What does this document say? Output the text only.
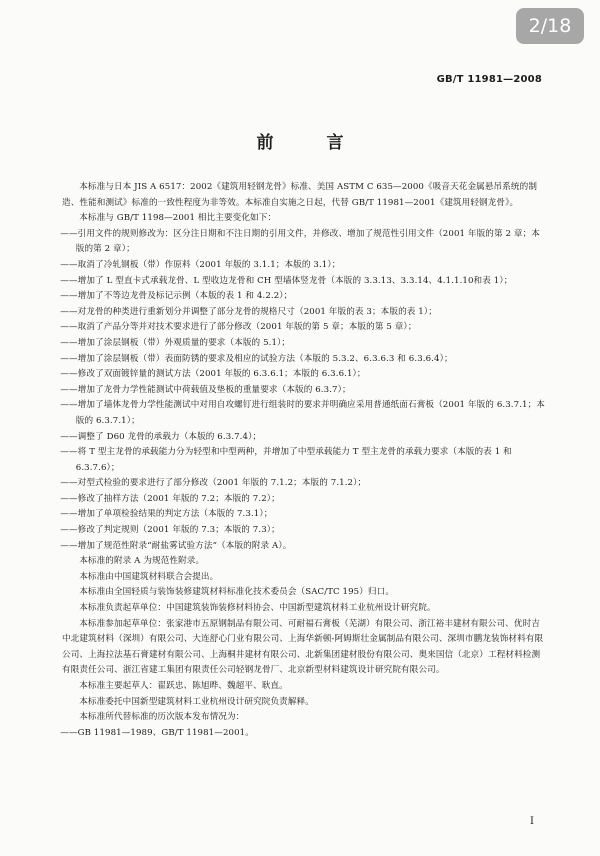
2/18
GB/T 11981—2008
前　言

本标准与日本 JIS A 6517：2002《建筑用轻钢龙骨》标准、美国 ASTM C 635—2000《吸音天花金属悬吊系统的制造、性能和测试》标准的一致性程度为非等效。本标准自实施之日起，代替 GB/T 11981—2001《建筑用轻钢龙骨》。

本标准与 GB/T 1198—2001 相比主要变化如下：

——引用文件的规则修改为：区分注日期和不注日期的引用文件，并修改、增加了规范性引用文件（2001 年版的第 2 章；本版的第 2 章）；

——取消了冷轧钢板（带）作原料（2001 年版的 3.1.1；本版的 3.1）；

——增加了 L 型直卡式承载龙骨、L 型收边龙骨和 CH 型墙体竖龙骨（本版的 3.3.13、3.3.14、4.1.1.10和表 1）；

——增加了不等边龙骨及标记示例（本版的表 1 和 4.2.2）；

——对龙骨的种类进行重新划分并调整了部分龙骨的规格尺寸（2001 年版的表 3；本版的表 1）；

——取消了产品分等并对技术要求进行了部分修改（2001 年版的第 5 章；本版的第 5 章）；

——增加了涂层钢板（带）外观质量的要求（本版的 5.1）；

——增加了涂层钢板（带）表面防锈的要求及相应的试验方法（本版的 5.3.2、6.3.6.3 和 6.3.6.4）；

——修改了双面镀锌量的测试方法（2001 年版的 6.3.6.1；本版的 6.3.6.1）；

——增加了龙骨力学性能测试中荷载值及垫板的重量要求（本版的 6.3.7）；

——增加了墙体龙骨力学性能测试中对用自攻螺钉进行组装时的要求并明确应采用普通纸面石膏板（2001 年版的 6.3.7.1；本版的 6.3.7.1）；

——调整了 D60 龙骨的承载力（本版的 6.3.7.4）；

——将 T 型主龙骨的承载能力分为轻型和中型两种，并增加了中型承载能力 T 型主龙骨的承载力要求（本版的表 1 和 6.3.7.6）；

——对型式检验的要求进行了部分修改（2001 年版的 7.1.2；本版的 7.1.2）；

——修改了抽样方法（2001 年版的 7.2；本版的 7.2）；

——增加了单项检验结果的判定方法（本版的 7.3.1）；

——修改了判定规则（2001 年版的 7.3；本版的 7.3）；

——增加了规范性附录“耐盐雾试验方法”（本版的附录 A）。

本标准的附录 A 为规范性附录。

本标准由中国建筑材料联合会提出。

本标准由全国轻质与装饰装修建筑材料标准化技术委员会（SAC/TC 195）归口。

本标准负责起草单位：中国建筑装饰装修材料协会、中国新型建筑材料工业杭州设计研究院。

本标准参加起草单位：张家港市五原钢制品有限公司、可耐福石膏板（芜湖）有限公司、浙江裕丰建材有限公司、优时吉中北建筑材料（深圳）有限公司、大连舒心门业有限公司、上海华新顿-阿姆斯壮金属制品有限公司、深圳市鹏龙装饰材料有限公司、上海拉法基石膏建材有限公司、上海桐井建材有限公司、北新集团建材股份有限公司、奥来国信（北京）工程材料检测有限责任公司、浙江省建工集团有限责任公司轻钢龙骨厂、北京新型材料建筑设计研究院有限公司。

本标准主要起草人：翟跃忠、陈旭晔、魏超平、耿直。

本标准委托中国新型建筑材料工业杭州设计研究院负责解释。

本标准所代替标准的历次版本发布情况为：

——GB 11981—1989、GB/T 11981—2001。

I
